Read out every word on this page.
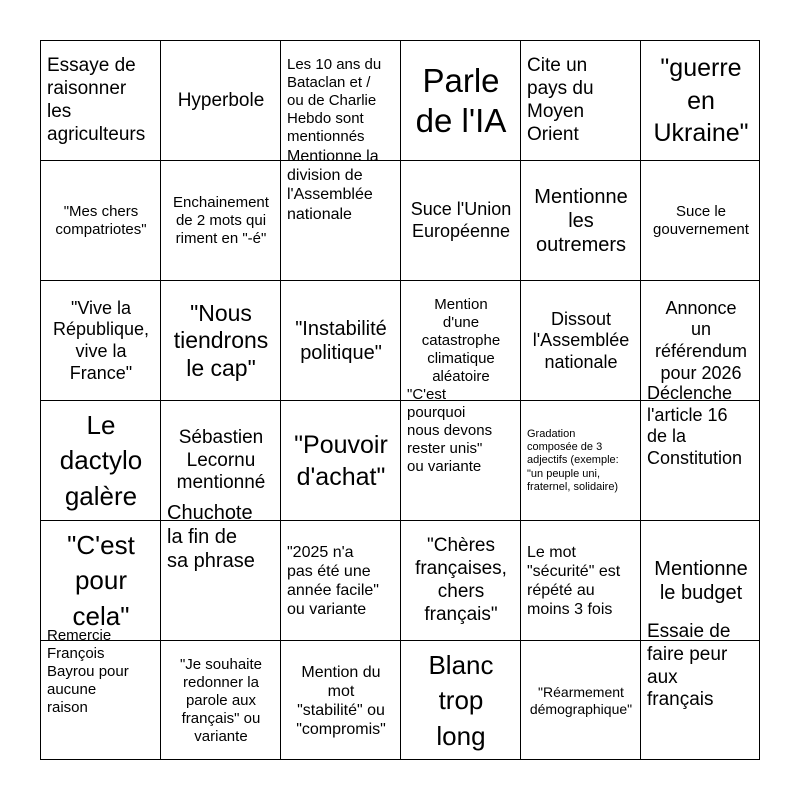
Essaye de
raisonner
les
agriculteurs
Hyperbole
Les 10 ans du
Bataclan et /
ou de Charlie
Hebdo sont
mentionnés
Parle
de l'IA
Cite un
pays du
Moyen
Orient
"guerre
en
Ukraine"
"Mes chers
compatriotes"
Enchainement
de 2 mots qui
riment en "-é"
Mentionne la
division de
l'Assemblée
nationale	Suce l'Union
Européenne
Mentionne
les
outremers
Suce le
gouvernement
"Vive la
République,
vive la
France"
"Nous
tiendrons
le cap"
"Instabilité
politique"
Mention
d'une
catastrophe
climatique
aléatoire
Dissout
l'Assemblée
nationale
Annonce
un
référendum
pour 2026
Le
dactylo
galère
Sébastien
Lecornu
mentionné
"Pouvoir
d'achat"
"C'est
pourquoi
nous devons
rester unis"
ou variante
Gradation
composée de 3
adjectifs (exemple:
"un peuple uni,
fraternel, solidaire)
Déclenche
l'article 16
de la
Constitution
"C'est
pour
cela"
Chuchote
la fin de
sa phrase "2025 n'a
pas été une
année facile"
ou variante
"Chères
françaises,
chers
français"
Le mot
"sécurité" est
répété au
moins 3 fois
Mentionne
le budget
Remercie
François
Bayrou pour
aucune
raison
"Je souhaite
redonner la
parole aux
français" ou
variante
Mention du
mot
"stabilité" ou
"compromis"
Blanc
trop
long
"Réarmement
démographique"
Essaie de
faire peur
aux
français
